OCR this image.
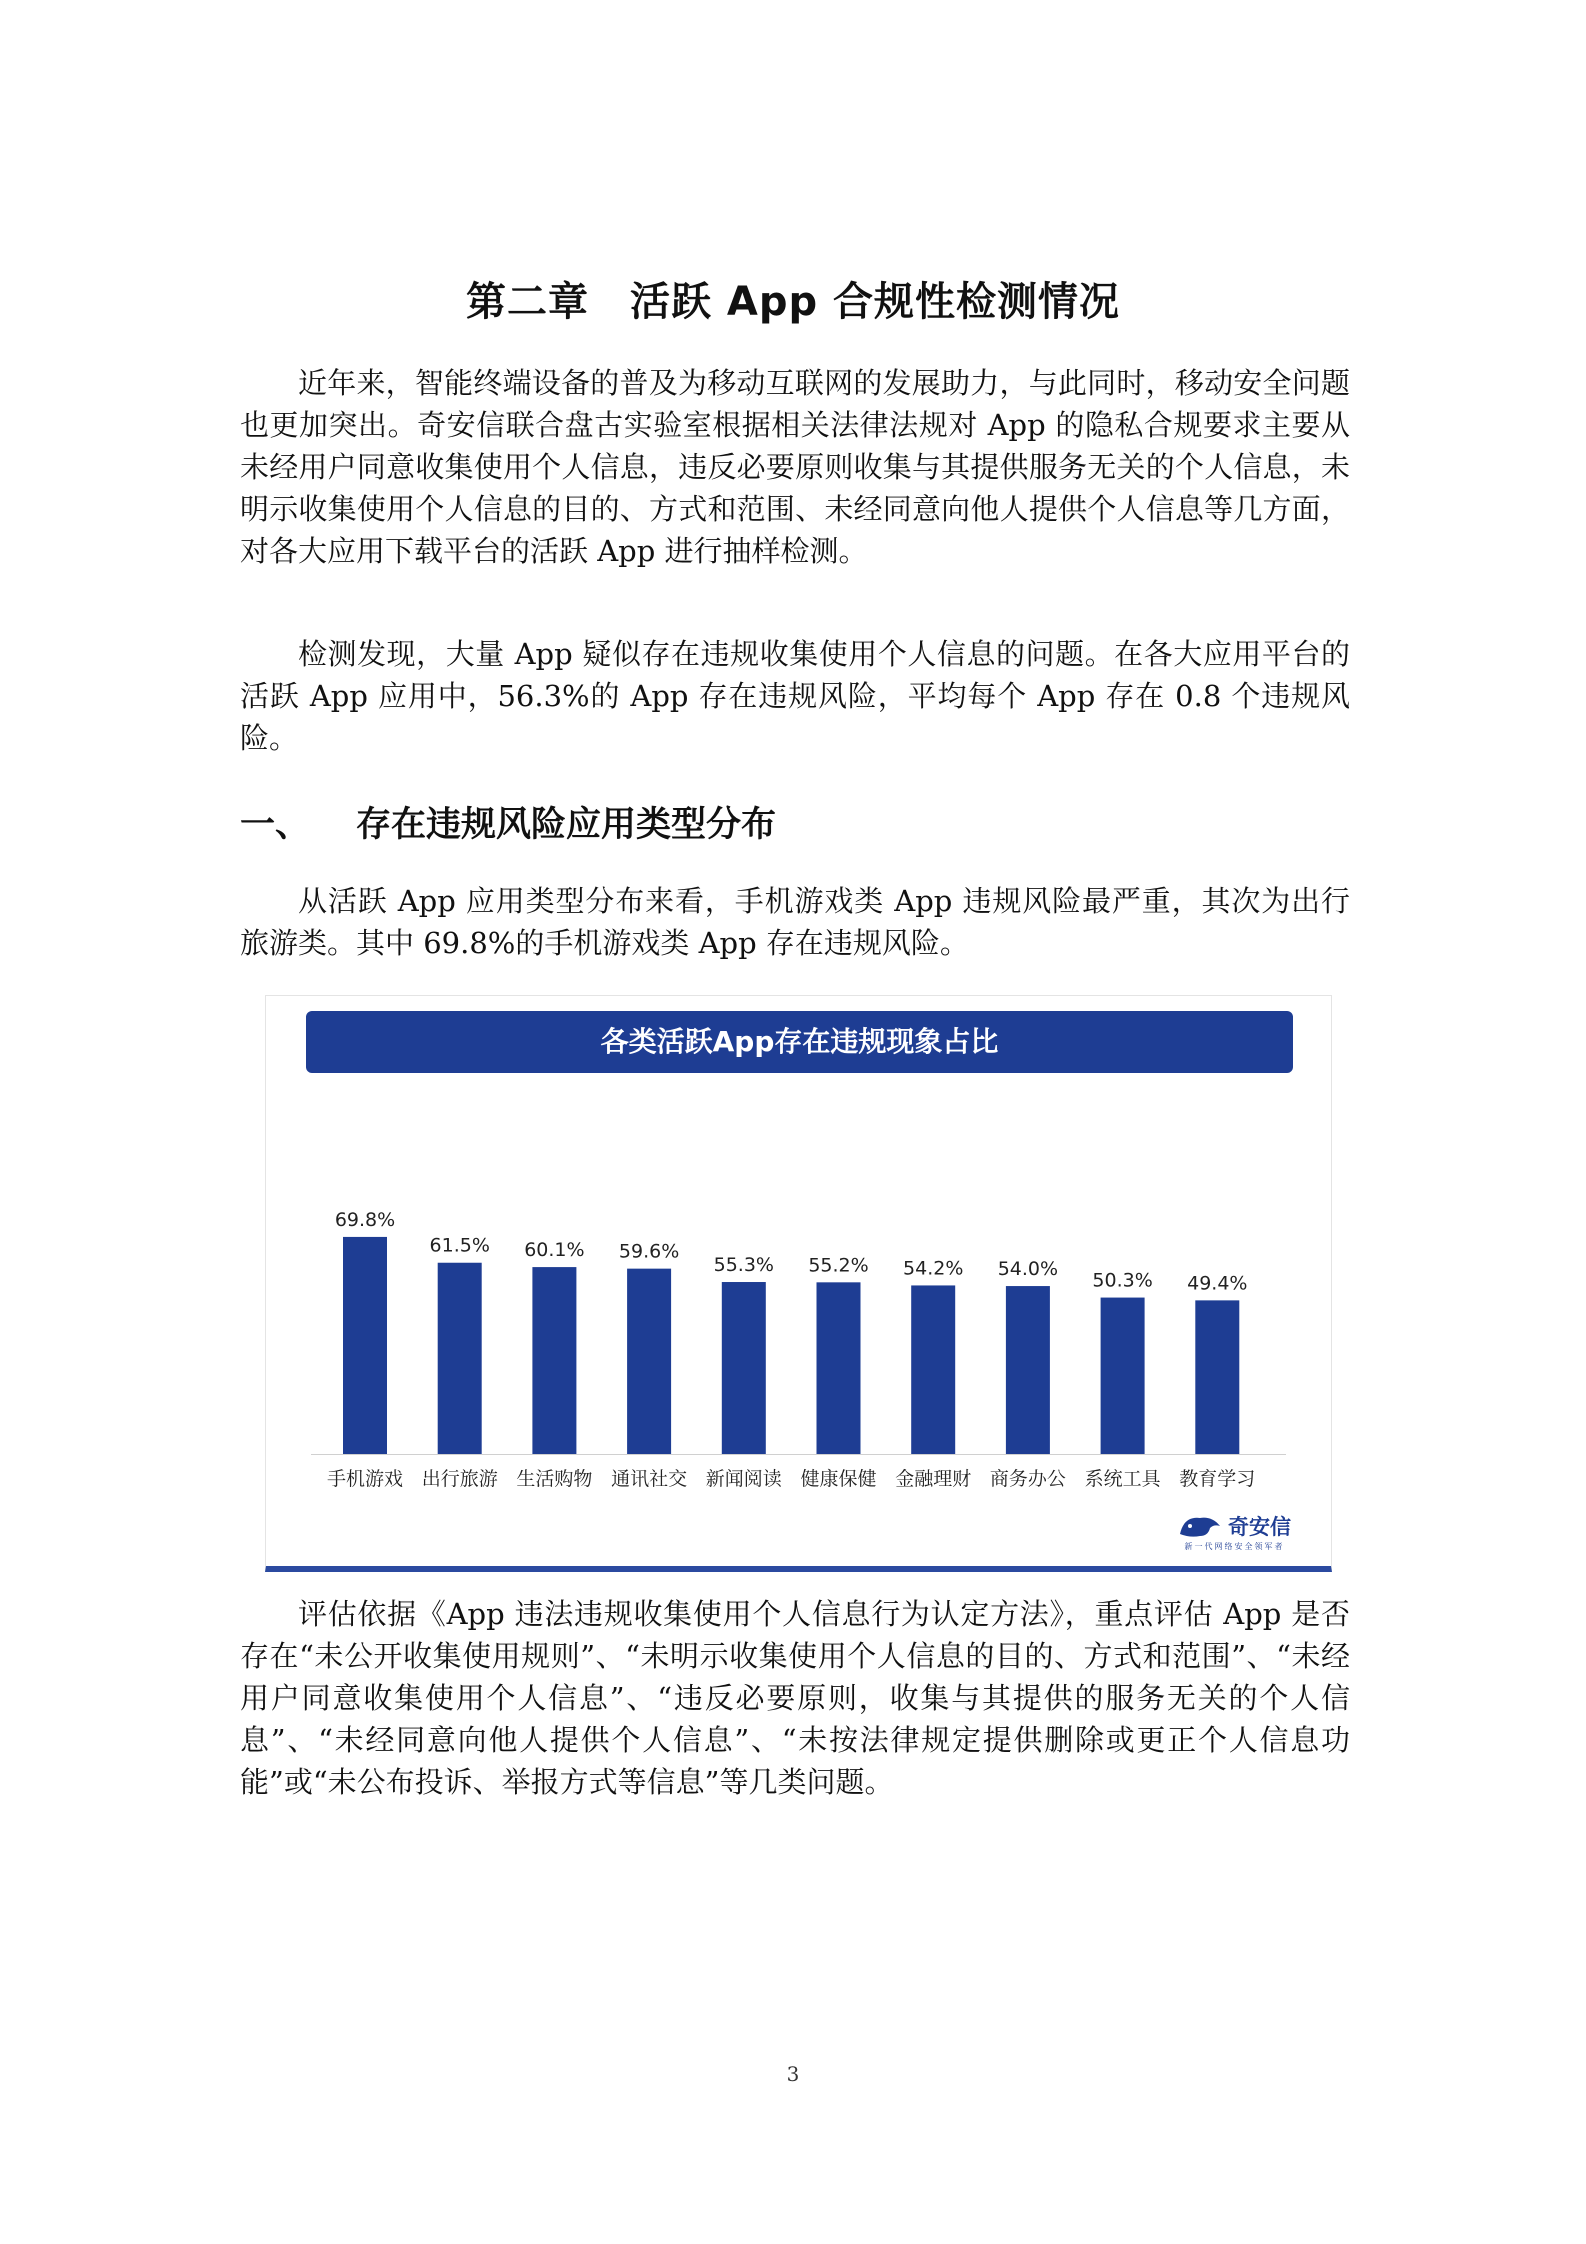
第二章　活跃 App 合规性检测情况

近年来，智能终端设备的普及为移动互联网的发展助力，与此同时，移动安全问题也更加突出。奇安信联合盘古实验室根据相关法律法规对 App 的隐私合规要求主要从未经用户同意收集使用个人信息，违反必要原则收集与其提供服务无关的个人信息，未明示收集使用个人信息的目的、方式和范围、未经同意向他人提供个人信息等几方面，对各大应用下载平台的活跃 App 进行抽样检测。

检测发现，大量 App 疑似存在违规收集使用个人信息的问题。在各大应用平台的活跃 App 应用中，56.3%的 App 存在违规风险，平均每个 App 存在 0.8 个违规风险。

一、 存在违规风险应用类型分布

从活跃 App 应用类型分布来看，手机游戏类 App 违规风险最严重，其次为出行旅游类。其中 69.8%的手机游戏类 App 存在违规风险。

各类活跃App存在违规现象占比
69.8%
手机游戏
61.5%
出行旅游
60.1%
生活购物
59.6%
通讯社交
55.3%
新闻阅读
55.2%
健康保健
54.2%
金融理财
54.0%
商务办公
50.3%
系统工具
49.4%
教育学习
奇安信
新一代网络安全领军者

评估依据《App 违法违规收集使用个人信息行为认定方法》，重点评估 App 是否存在“未公开收集使用规则”、“未明示收集使用个人信息的目的、方式和范围”、“未经用户同意收集使用个人信息”、“违反必要原则，收集与其提供的服务无关的个人信息”、“未经同意向他人提供个人信息”、“未按法律规定提供删除或更正个人信息功能”或“未公布投诉、举报方式等信息”等几类问题。

3
